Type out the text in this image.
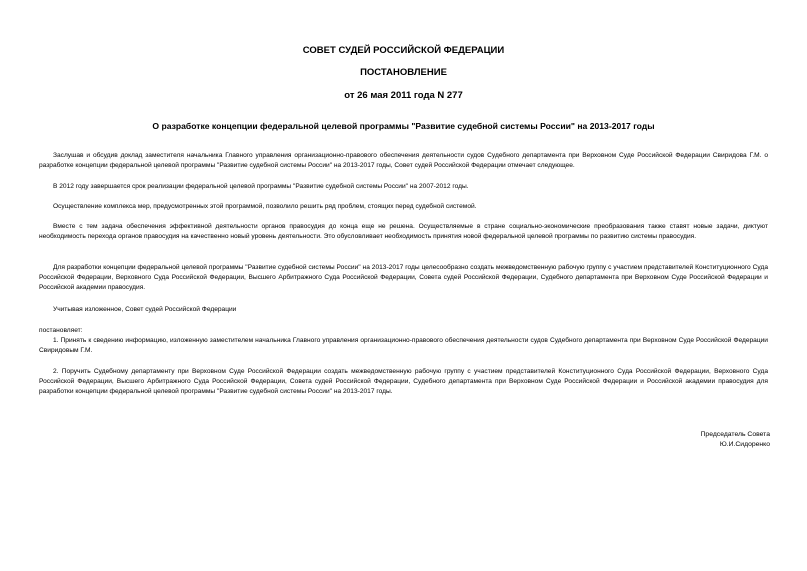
СОВЕТ СУДЕЙ РОССИЙСКОЙ ФЕДЕРАЦИИ
ПОСТАНОВЛЕНИЕ
от 26 мая 2011 года N 277
О разработке концепции федеральной целевой программы "Развитие судебной системы России" на 2013-2017 годы
Заслушав и обсудив доклад заместителя начальника Главного управления организационно-правового обеспечения деятельности судов Судебного департамента при Верховном Суде Российской Федерации Свиридова Г.М. о разработке концепции федеральной целевой программы "Развитие судебной системы России" на 2013-2017 годы, Совет судей Российской Федерации отмечает следующее.
В 2012 году завершается срок реализации федеральной целевой программы "Развитие судебной системы России" на 2007-2012 годы.
Осуществление комплекса мер, предусмотренных этой программой, позволило решить ряд проблем, стоящих перед судебной системой.
Вместе с тем задача обеспечения эффективной деятельности органов правосудия до конца еще не решена. Осуществляемые в стране социально-экономические преобразования также ставят новые задачи, диктуют необходимость перехода органов правосудия на качественно новый уровень деятельности. Это обусловливает необходимость принятия новой федеральной целевой программы по развитию системы правосудия.
Для разработки концепции федеральной целевой программы "Развитие судебной системы России" на 2013-2017 годы целесообразно создать межведомственную рабочую группу с участием представителей Конституционного Суда Российской Федерации, Верховного Суда Российской Федерации, Высшего Арбитражного Суда Российской Федерации, Совета судей Российской Федерации, Судебного департамента при Верховном Суде Российской Федерации и Российской академии правосудия.
Учитывая изложенное, Совет судей Российской Федерации
постановляет:
1. Принять к сведению информацию, изложенную заместителем начальника Главного управления организационно-правового обеспечения деятельности судов Судебного департамента при Верховном Суде Российской Федерации Свиридовым Г.М.
2. Поручить Судебному департаменту при Верховном Суде Российской Федерации создать межведомственную рабочую группу с участием представителей Конституционного Суда Российской Федерации, Верховного Суда Российской Федерации, Высшего Арбитражного Суда Российской Федерации, Совета судей Российской Федерации, Судебного департамента при Верховном Суде Российской Федерации и Российской академии правосудия для разработки концепции федеральной целевой программы "Развитие судебной системы России" на 2013-2017 годы.
Председатель Совета
Ю.И.Сидоренко
